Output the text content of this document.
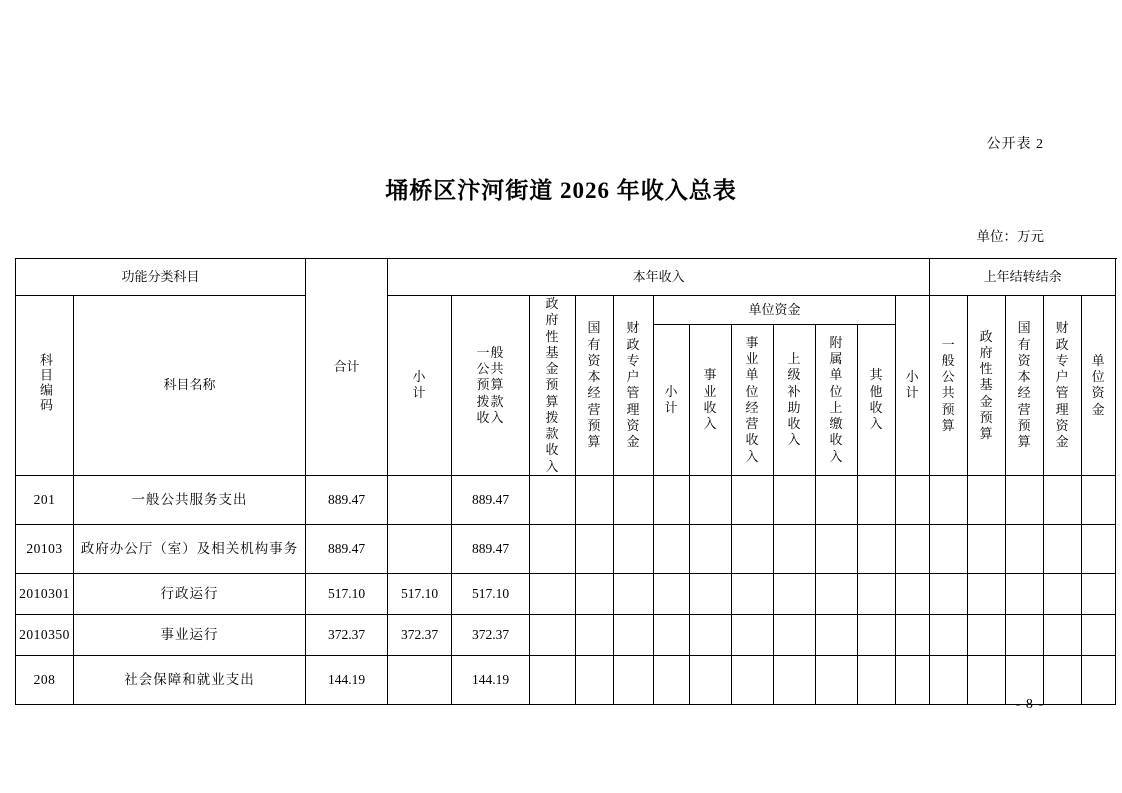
公开表 2
埇桥区汴河街道 2026 年收入总表
单位：万元
功能分类科目		合计	本年收入												上年结转结余				
科目编码	科目名称		小计	一般公共预算拨款收入	政府性基金预算拨款收入	国有资本经营预算	财政专户管理资金	单位资金						小计	一般公共预算	政府性基金预算	国有资本经营预算	财政专户管理资金	单位资金
								小计	事业收入	事业单位经营收入	上级补助收入	附属单位上缴收入	其他收入						

201	一般公共服务支出	889.47		889.47															
20103	政府办公厅（室）及相关机构事务	889.47		889.47															
2010301	行政运行	517.10	517.10	517.10															
2010350	事业运行	372.37	372.37	372.37															
208	社会保障和就业支出	144.19		144.19															
- 8 -
